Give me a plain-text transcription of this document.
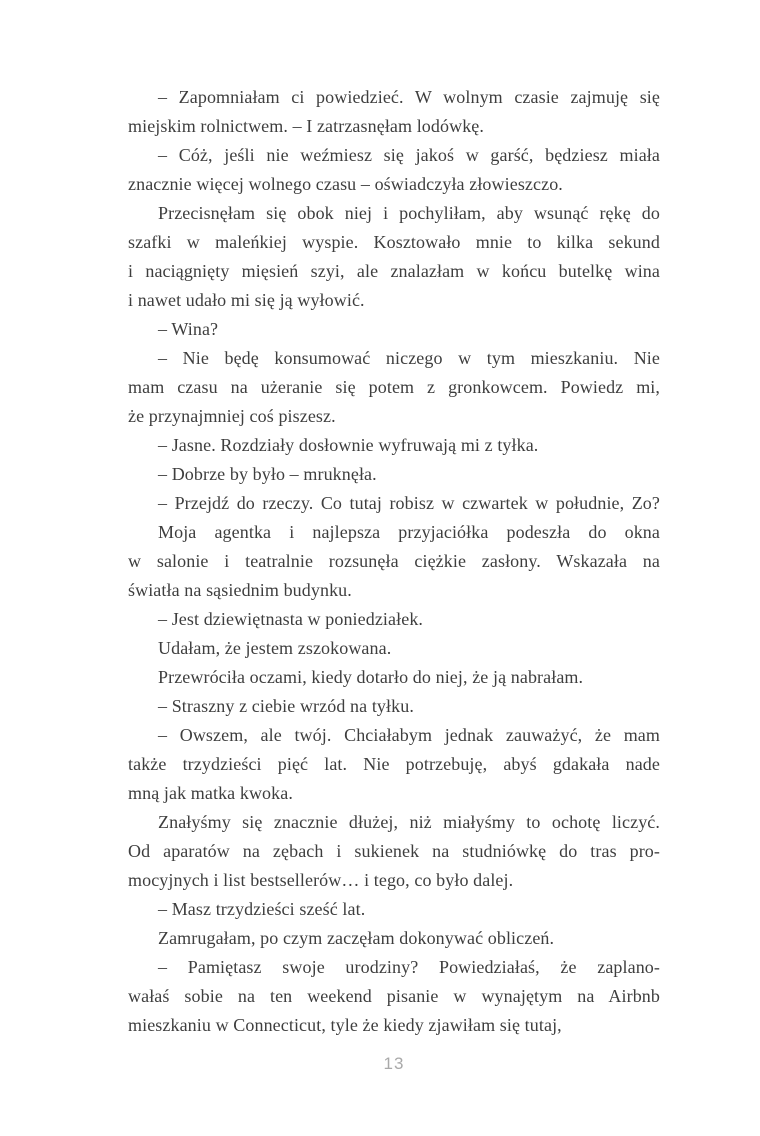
– Zapomniałam ci powiedzieć. W wolnym czasie zajmuję się
miejskim rolnictwem. – I zatrzasnęłam lodówkę.
– Cóż, jeśli nie weźmiesz się jakoś w garść, będziesz miała
znacznie więcej wolnego czasu – oświadczyła złowieszczo.
Przecisnęłam się obok niej i pochyliłam, aby wsunąć rękę do
szafki w maleńkiej wyspie. Kosztowało mnie to kilka sekund
i naciągnięty mięsień szyi, ale znalazłam w końcu butelkę wina
i nawet udało mi się ją wyłowić.
– Wina?
– Nie będę konsumować niczego w tym mieszkaniu. Nie
mam czasu na użeranie się potem z gronkowcem. Powiedz mi,
że przynajmniej coś piszesz.
– Jasne. Rozdziały dosłownie wyfruwają mi z tyłka.
– Dobrze by było – mruknęła.
– Przejdź do rzeczy. Co tutaj robisz w czwartek w południe, Zo?
Moja agentka i najlepsza przyjaciółka podeszła do okna
w salonie i teatralnie rozsunęła ciężkie zasłony. Wskazała na
światła na sąsiednim budynku.
– Jest dziewiętnasta w poniedziałek.
Udałam, że jestem zszokowana.
Przewróciła oczami, kiedy dotarło do niej, że ją nabrałam.
– Straszny z ciebie wrzód na tyłku.
– Owszem, ale twój. Chciałabym jednak zauważyć, że mam
także trzydzieści pięć lat. Nie potrzebuję, abyś gdakała nade
mną jak matka kwoka.
Znałyśmy się znacznie dłużej, niż miałyśmy to ochotę liczyć.
Od aparatów na zębach i sukienek na studniówkę do tras pro-
mocyjnych i list bestsellerów… i tego, co było dalej.
– Masz trzydzieści sześć lat.
Zamrugałam, po czym zaczęłam dokonywać obliczeń.
– Pamiętasz swoje urodziny? Powiedziałaś, że zaplano-
wałaś sobie na ten weekend pisanie w wynajętym na Airbnb
mieszkaniu w Connecticut, tyle że kiedy zjawiłam się tutaj,
13
